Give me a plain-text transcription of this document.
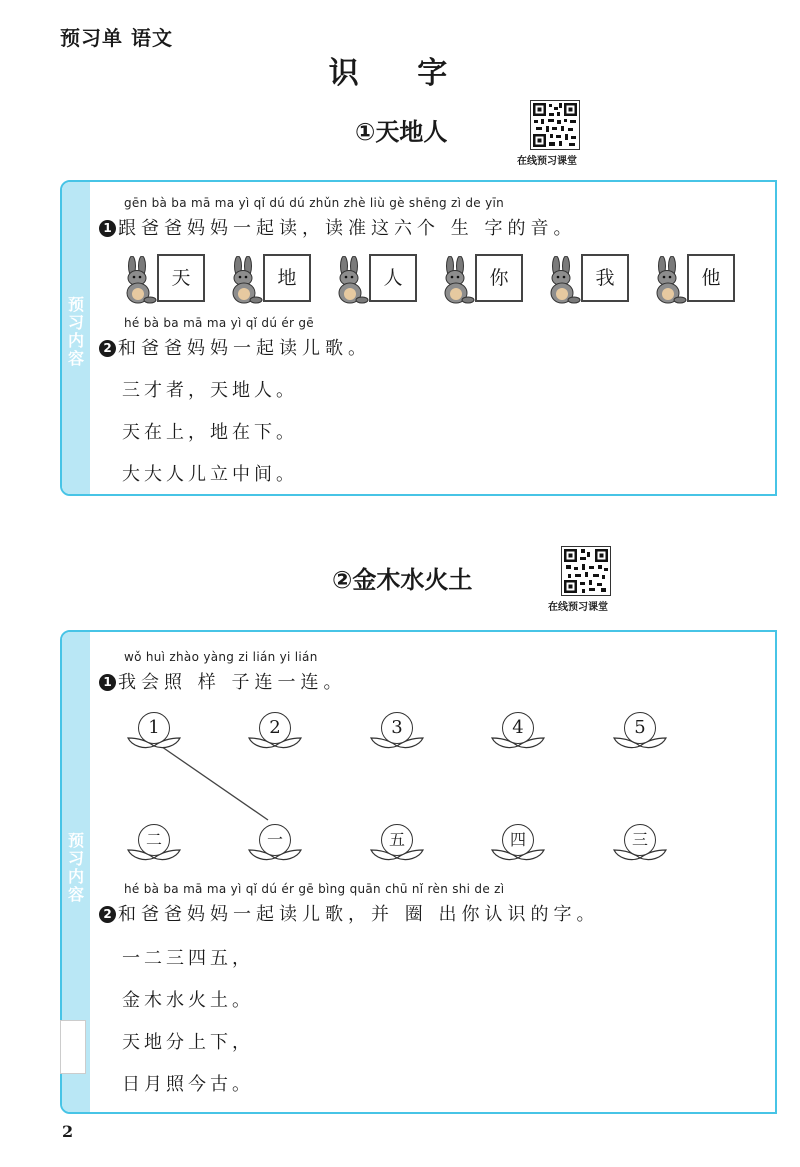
预习单 语文
识 字
①天地人
在线预习课堂
预习内容
gēn bà ba mā ma yì qǐ dú dú zhǔn zhè liù gè shēng zì de yīn
1 跟爸爸妈妈一起读，读准这六个 生 字的音。
天	地	人	你	我	他
hé bà ba mā ma yì qǐ dú ér gē
2 和爸爸妈妈一起读儿歌。
三才者，天地人。
天在上，地在下。
大大人儿立中间。
②金木水火土
在线预习课堂
预习内容
wǒ huì zhào yàng zi lián yi lián
1 我会照 样 子连一连。
1	2	3	4	5
二	一	五	四	三
hé bà ba mā ma yì qǐ dú ér gē bìng quān chū nǐ rèn shi de zì
2 和爸爸妈妈一起读儿歌，并 圈 出你认识的字。
一二三四五，
金木水火土。
天地分上下，
日月照今古。
2
